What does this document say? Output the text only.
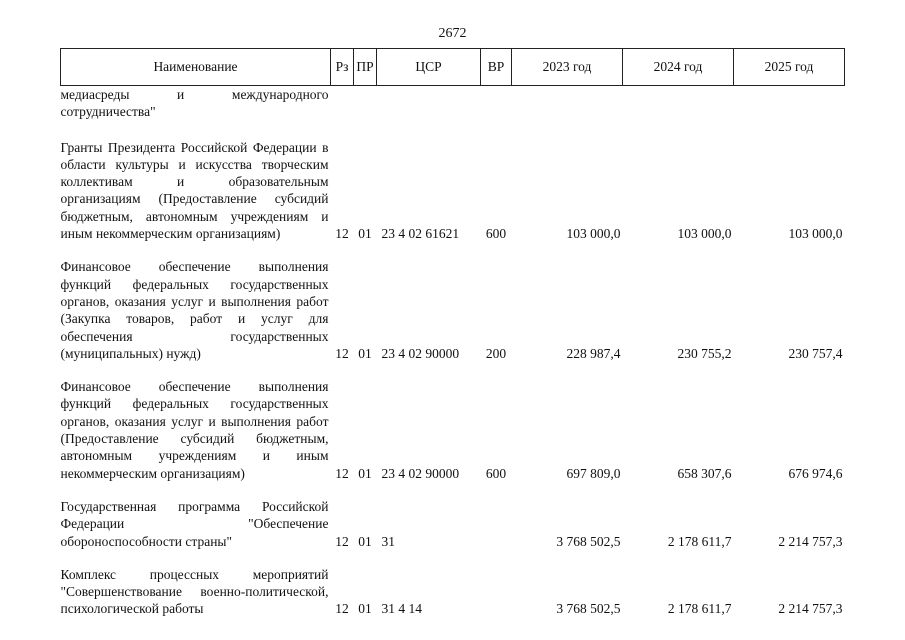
2672
Наименование	Рз	ПР	ЦСР	ВР	2023 год	2024 год	2025 год
медиасреды и международного сотрудничества"							

Гранты Президента Российской Федерации в области культуры и искусства творческим коллективам и образовательным организациям (Предоставление субсидий бюджетным, автономным учреждениям и иным некоммерческим организациям)	12	01	23 4 02 61621	600	103 000,0	103 000,0	103 000,0

Финансовое обеспечение выполнения функций федеральных государственных органов, оказания услуг и выполнения работ (Закупка товаров, работ и услуг для обеспечения государственных (муниципальных) нужд)	12	01	23 4 02 90000	200	228 987,4	230 755,2	230 757,4

Финансовое обеспечение выполнения функций федеральных государственных органов, оказания услуг и выполнения работ (Предоставление субсидий бюджетным, автономным учреждениям и иным некоммерческим организациям)	12	01	23 4 02 90000	600	697 809,0	658 307,6	676 974,6

Государственная программа Российской Федерации "Обеспечение обороноспособности страны"	12	01	31		3 768 502,5	2 178 611,7	2 214 757,3

Комплекс процессных мероприятий "Совершенствование военно-политической, психологической работы	12	01	31 4 14		3 768 502,5	2 178 611,7	2 214 757,3
